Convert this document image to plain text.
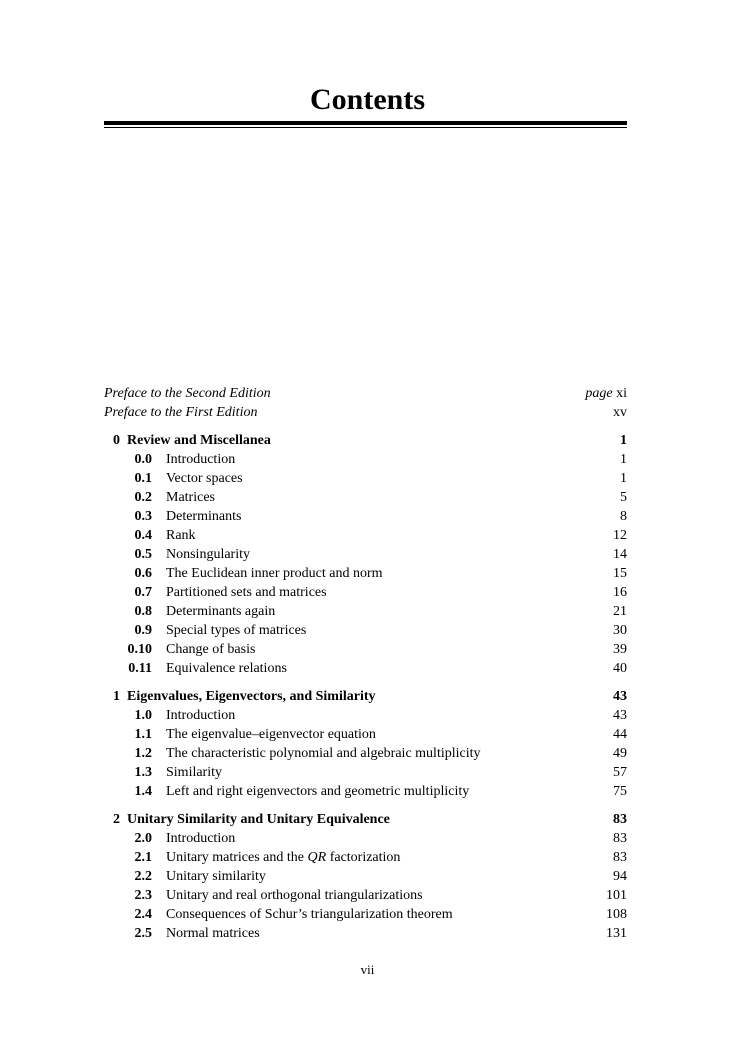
Contents
Preface to the Second Edition	page xi
Preface to the First Edition	xv
0 Review and Miscellanea	1
0.0 Introduction	1
0.1 Vector spaces	1
0.2 Matrices	5
0.3 Determinants	8
0.4 Rank	12
0.5 Nonsingularity	14
0.6 The Euclidean inner product and norm	15
0.7 Partitioned sets and matrices	16
0.8 Determinants again	21
0.9 Special types of matrices	30
0.10 Change of basis	39
0.11 Equivalence relations	40
1 Eigenvalues, Eigenvectors, and Similarity	43
1.0 Introduction	43
1.1 The eigenvalue–eigenvector equation	44
1.2 The characteristic polynomial and algebraic multiplicity	49
1.3 Similarity	57
1.4 Left and right eigenvectors and geometric multiplicity	75
2 Unitary Similarity and Unitary Equivalence	83
2.0 Introduction	83
2.1 Unitary matrices and the QR factorization	83
2.2 Unitary similarity	94
2.3 Unitary and real orthogonal triangularizations	101
2.4 Consequences of Schur’s triangularization theorem	108
2.5 Normal matrices	131
vii
